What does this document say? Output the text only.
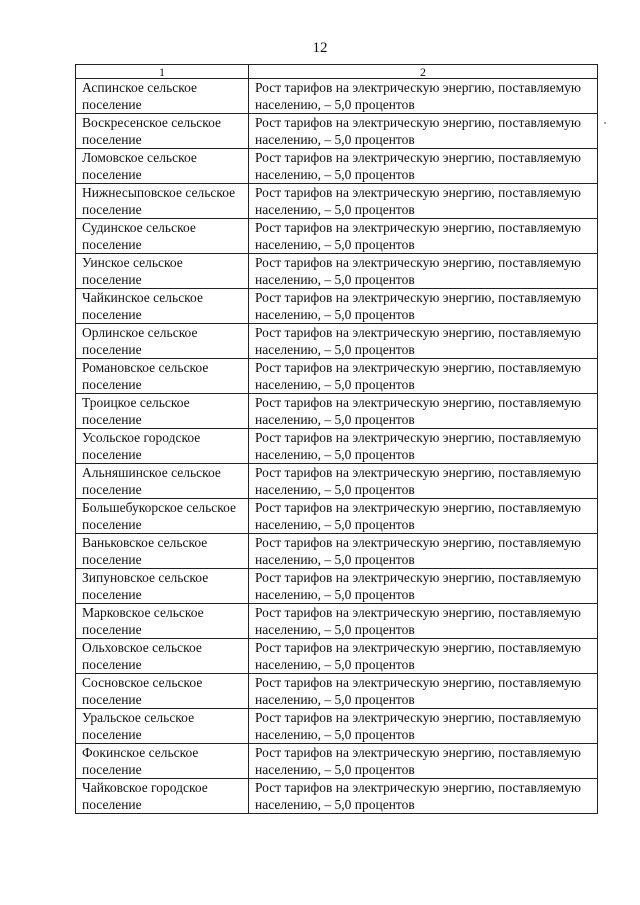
12
1	2
Аспинское сельское поселение	Рост тарифов на электрическую энергию, поставляемую населению, – 5,0 процентов
Воскресенское сельское поселение	Рост тарифов на электрическую энергию, поставляемую населению, – 5,0 процентов
Ломовское сельское поселение	Рост тарифов на электрическую энергию, поставляемую населению, – 5,0 процентов
Нижнесыповское сельское поселение	Рост тарифов на электрическую энергию, поставляемую населению, – 5,0 процентов
Судинское сельское поселение	Рост тарифов на электрическую энергию, поставляемую населению, – 5,0 процентов
Уинское сельское поселение	Рост тарифов на электрическую энергию, поставляемую населению, – 5,0 процентов
Чайкинское сельское поселение	Рост тарифов на электрическую энергию, поставляемую населению, – 5,0 процентов
Орлинское сельское поселение	Рост тарифов на электрическую энергию, поставляемую населению, – 5,0 процентов
Романовское сельское поселение	Рост тарифов на электрическую энергию, поставляемую населению, – 5,0 процентов
Троицкое сельское поселение	Рост тарифов на электрическую энергию, поставляемую населению, – 5,0 процентов
Усольское городское поселение	Рост тарифов на электрическую энергию, поставляемую населению, – 5,0 процентов
Альняшинское сельское поселение	Рост тарифов на электрическую энергию, поставляемую населению, – 5,0 процентов
Большебукорское сельское поселение	Рост тарифов на электрическую энергию, поставляемую населению, – 5,0 процентов
Ваньковское сельское поселение	Рост тарифов на электрическую энергию, поставляемую населению, – 5,0 процентов
Зипуновское сельское поселение	Рост тарифов на электрическую энергию, поставляемую населению, – 5,0 процентов
Марковское сельское поселение	Рост тарифов на электрическую энергию, поставляемую населению, – 5,0 процентов
Ольховское сельское поселение	Рост тарифов на электрическую энергию, поставляемую населению, – 5,0 процентов
Сосновское сельское поселение	Рост тарифов на электрическую энергию, поставляемую населению, – 5,0 процентов
Уральское сельское поселение	Рост тарифов на электрическую энергию, поставляемую населению, – 5,0 процентов
Фокинское сельское поселение	Рост тарифов на электрическую энергию, поставляемую населению, – 5,0 процентов
Чайковское городское поселение	Рост тарифов на электрическую энергию, поставляемую населению, – 5,0 процентов
